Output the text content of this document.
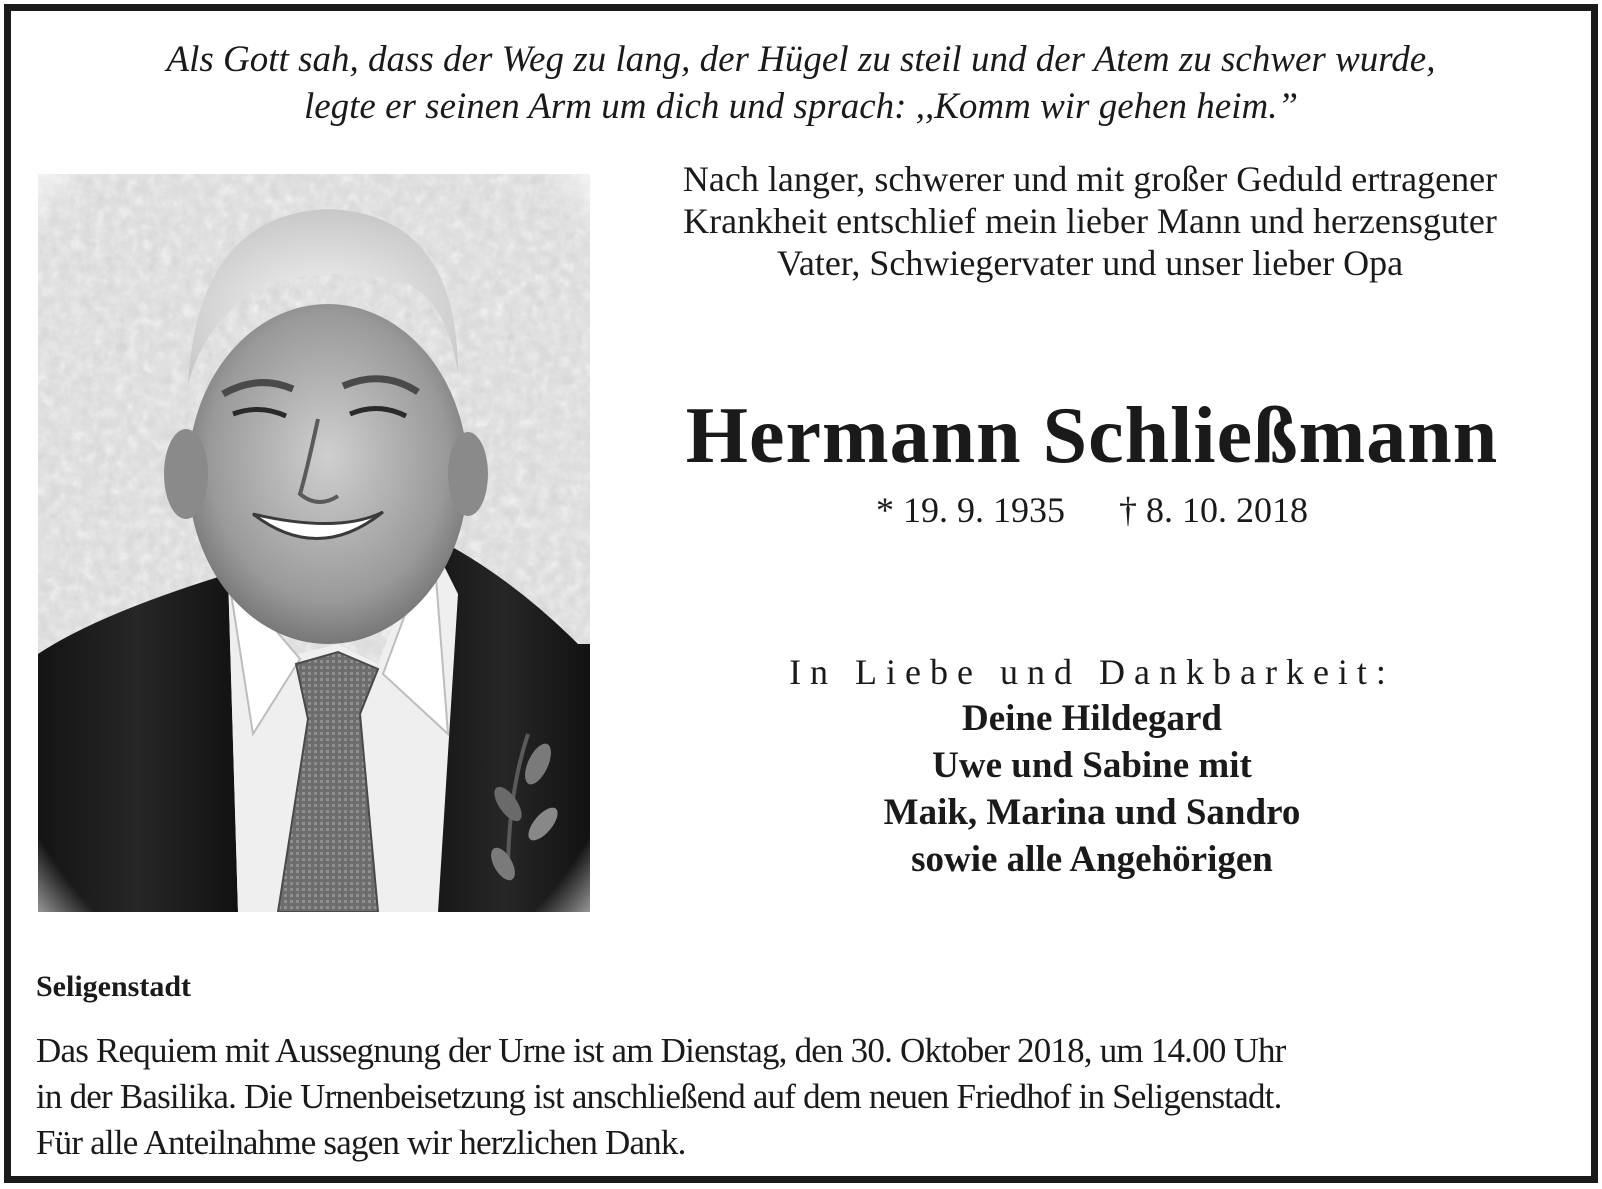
Als Gott sah, dass der Weg zu lang, der Hügel zu steil und der Atem zu schwer wurde,
legte er seinen Arm um dich und sprach: ,,Komm wir gehen heim.”
Nach langer, schwerer und mit großer Geduld ertragener
Krankheit entschlief mein lieber Mann und herzensguter
Vater, Schwiegervater und unser lieber Opa
Hermann Schließmann
* 19. 9. 1935 † 8. 10. 2018
In Liebe und Dankbarkeit:
Deine Hildegard
Uwe und Sabine mit
Maik, Marina und Sandro
sowie alle Angehörigen
Seligenstadt
Das Requiem mit Aussegnung der Urne ist am Dienstag, den 30. Oktober 2018, um 14.00 Uhr
in der Basilika. Die Urnenbeisetzung ist anschließend auf dem neuen Friedhof in Seligenstadt.
Für alle Anteilnahme sagen wir herzlichen Dank.
